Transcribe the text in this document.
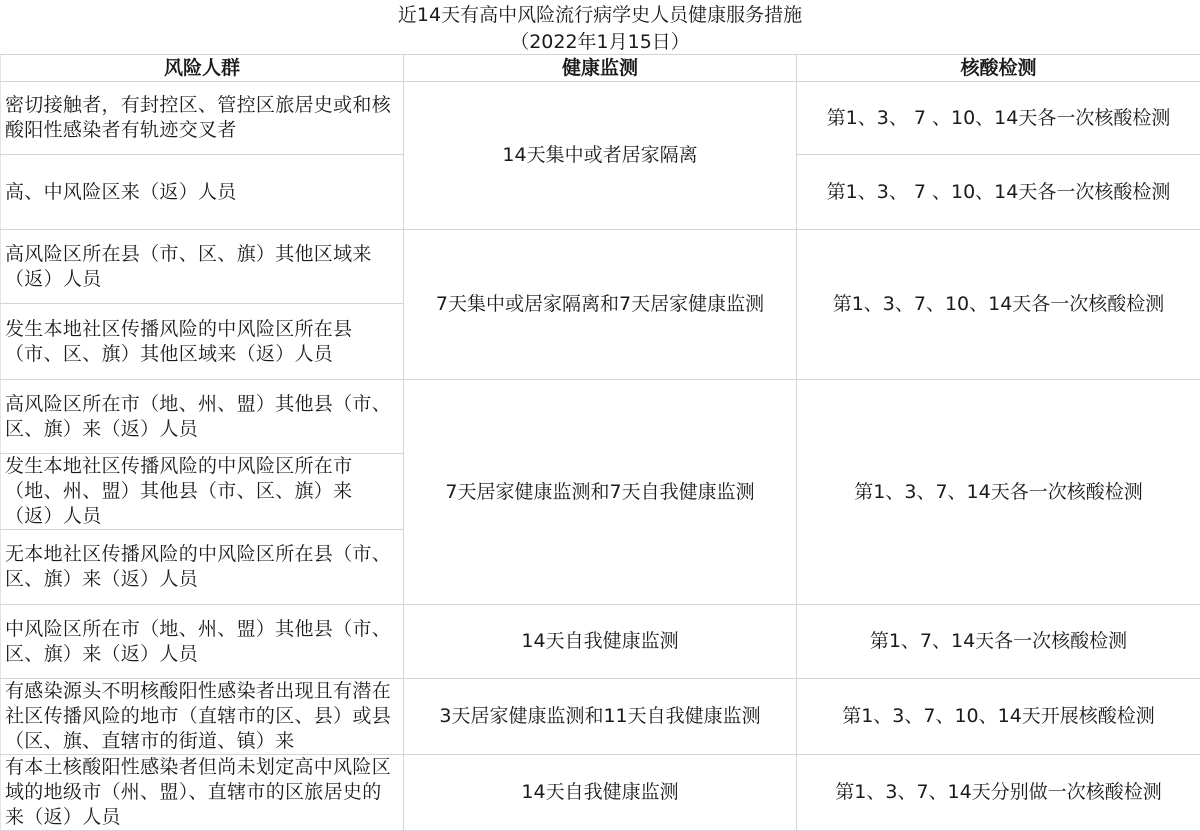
近14天有高中风险流行病学史人员健康服务措施
（2022年1月15日）
风险人群	健康监测	核酸检测

密切接触者，有封控区、管控区旅居史或和核酸阳性感染者有轨迹交叉者	14天集中或者居家隔离	第1、3、 7 、10、14天各一次核酸检测

高、中风险区来（返）人员		第1、3、 7 、10、14天各一次核酸检测

高风险区所在县（市、区、旗）其他区域来（返）人员	7天集中或居家隔离和7天居家健康监测	第1、3、7、10、14天各一次核酸检测

发生本地社区传播风险的中风险区所在县（市、区、旗）其他区域来（返）人员		

高风险区所在市（地、州、盟）其他县（市、区、旗）来（返）人员	7天居家健康监测和7天自我健康监测	第1、3、7、14天各一次核酸检测

发生本地社区传播风险的中风险区所在市（地、州、盟）其他县（市、区、旗）来（返）人员		

无本地社区传播风险的中风险区所在县（市、区、旗）来（返）人员		

中风险区所在市（地、州、盟）其他县（市、区、旗）来（返）人员	14天自我健康监测	第1、7、14天各一次核酸检测

有感染源头不明核酸阳性感染者出现且有潜在社区传播风险的地市（直辖市的区、县）或县（区、旗、直辖市的街道、镇）来	3天居家健康监测和11天自我健康监测	第1、3、7、10、14天开展核酸检测

有本土核酸阳性感染者但尚未划定高中风险区域的地级市（州、盟）、直辖市的区旅居史的来（返）人员	14天自我健康监测	第1、3、7、14天分别做一次核酸检测
